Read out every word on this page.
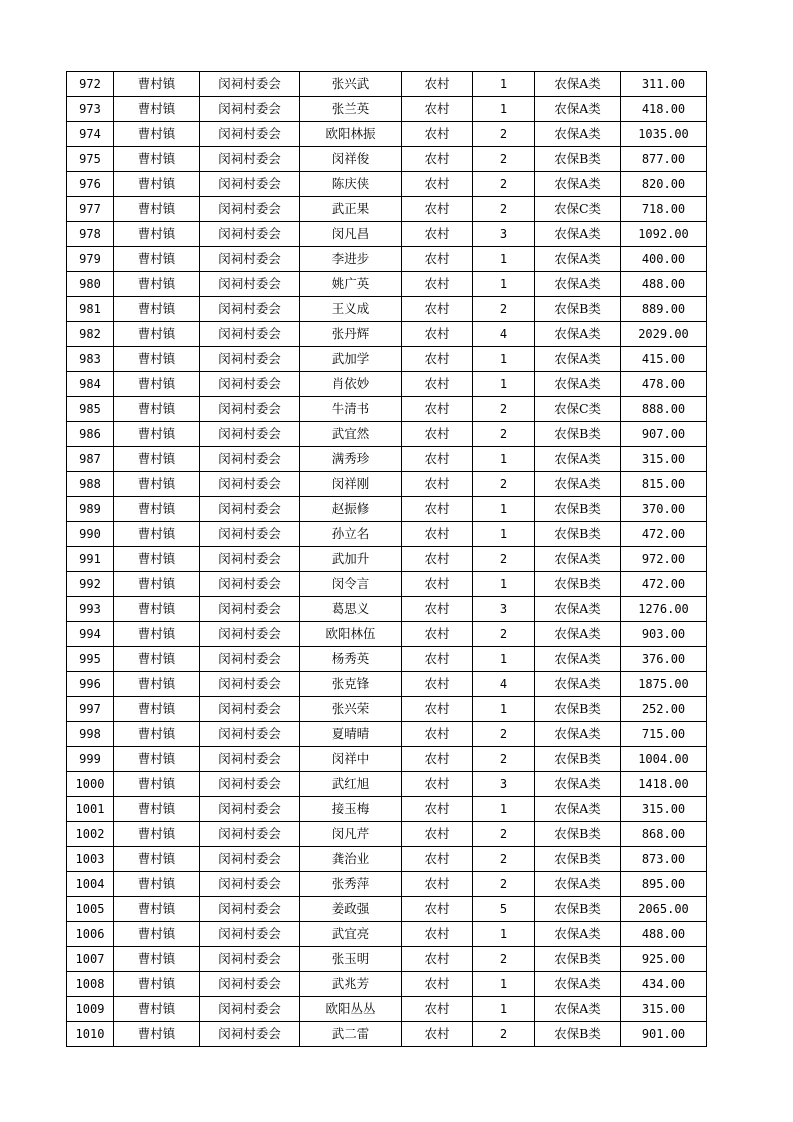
972	曹村镇	闵祠村委会	张兴武	农村	1	农保A类	311.00
973	曹村镇	闵祠村委会	张兰英	农村	1	农保A类	418.00
974	曹村镇	闵祠村委会	欧阳林振	农村	2	农保A类	1035.00
975	曹村镇	闵祠村委会	闵祥俊	农村	2	农保B类	877.00
976	曹村镇	闵祠村委会	陈庆侠	农村	2	农保A类	820.00
977	曹村镇	闵祠村委会	武正果	农村	2	农保C类	718.00
978	曹村镇	闵祠村委会	闵凡昌	农村	3	农保A类	1092.00
979	曹村镇	闵祠村委会	李进步	农村	1	农保A类	400.00
980	曹村镇	闵祠村委会	姚广英	农村	1	农保A类	488.00
981	曹村镇	闵祠村委会	王义成	农村	2	农保B类	889.00
982	曹村镇	闵祠村委会	张丹辉	农村	4	农保A类	2029.00
983	曹村镇	闵祠村委会	武加学	农村	1	农保A类	415.00
984	曹村镇	闵祠村委会	肖依妙	农村	1	农保A类	478.00
985	曹村镇	闵祠村委会	牛清书	农村	2	农保C类	888.00
986	曹村镇	闵祠村委会	武宜然	农村	2	农保B类	907.00
987	曹村镇	闵祠村委会	满秀珍	农村	1	农保A类	315.00
988	曹村镇	闵祠村委会	闵祥刚	农村	2	农保A类	815.00
989	曹村镇	闵祠村委会	赵振修	农村	1	农保B类	370.00
990	曹村镇	闵祠村委会	孙立名	农村	1	农保B类	472.00
991	曹村镇	闵祠村委会	武加升	农村	2	农保A类	972.00
992	曹村镇	闵祠村委会	闵令言	农村	1	农保B类	472.00
993	曹村镇	闵祠村委会	葛思义	农村	3	农保A类	1276.00
994	曹村镇	闵祠村委会	欧阳林伍	农村	2	农保A类	903.00
995	曹村镇	闵祠村委会	杨秀英	农村	1	农保A类	376.00
996	曹村镇	闵祠村委会	张克锋	农村	4	农保A类	1875.00
997	曹村镇	闵祠村委会	张兴荣	农村	1	农保B类	252.00
998	曹村镇	闵祠村委会	夏晴晴	农村	2	农保A类	715.00
999	曹村镇	闵祠村委会	闵祥中	农村	2	农保B类	1004.00
1000	曹村镇	闵祠村委会	武红旭	农村	3	农保A类	1418.00
1001	曹村镇	闵祠村委会	接玉梅	农村	1	农保A类	315.00
1002	曹村镇	闵祠村委会	闵凡芹	农村	2	农保B类	868.00
1003	曹村镇	闵祠村委会	龚治业	农村	2	农保B类	873.00
1004	曹村镇	闵祠村委会	张秀萍	农村	2	农保A类	895.00
1005	曹村镇	闵祠村委会	姜政强	农村	5	农保B类	2065.00
1006	曹村镇	闵祠村委会	武宜亮	农村	1	农保A类	488.00
1007	曹村镇	闵祠村委会	张玉明	农村	2	农保B类	925.00
1008	曹村镇	闵祠村委会	武兆芳	农村	1	农保A类	434.00
1009	曹村镇	闵祠村委会	欧阳丛丛	农村	1	农保A类	315.00
1010	曹村镇	闵祠村委会	武二雷	农村	2	农保B类	901.00
